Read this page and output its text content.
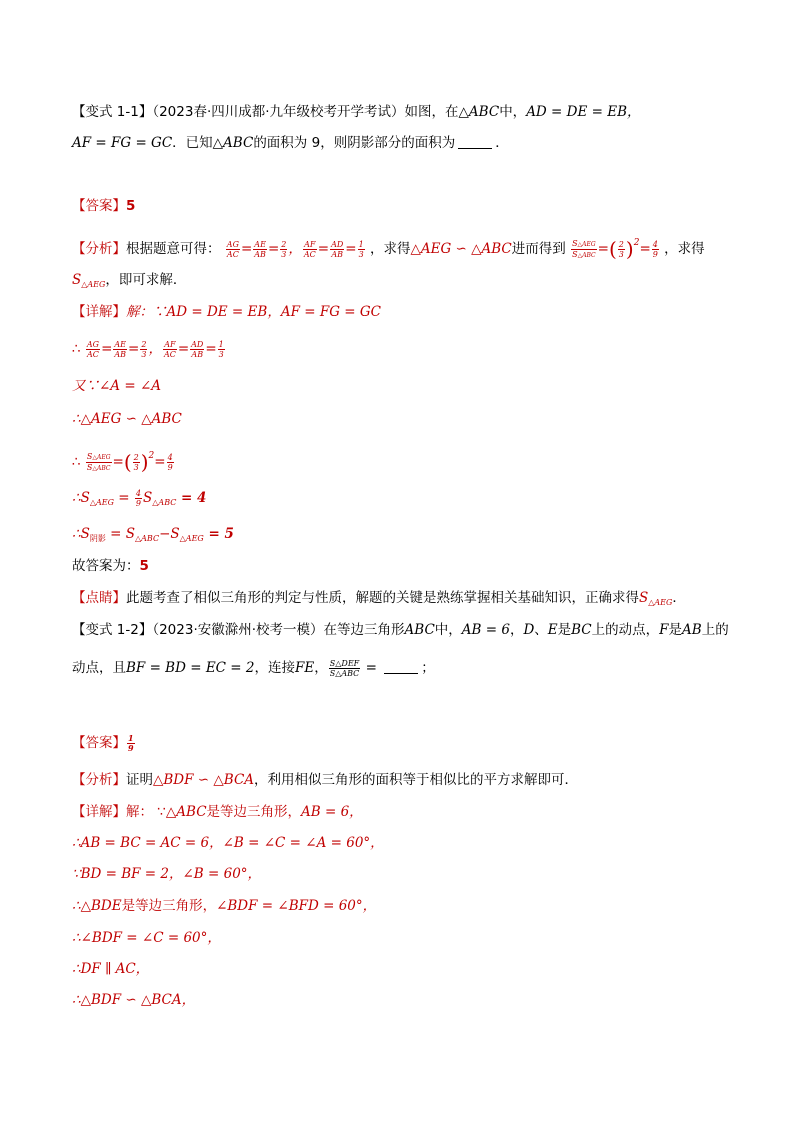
【变式 1-1】（2023春·四川成都·九年级校考开学考试）如图，在△ABC中，AD = DE = EB，
AF = FG = GC．已知△ABC的面积为 9，则阴影部分的面积为	．
【答案】5
【分析】根据题意可得： $\frac{AG}{AC} = \frac{AE}{AB} = \frac{2}{3}$ ， $\frac{AF}{AC} = \frac{AD}{AB} = \frac{1}{3}$ ，求得△AEG ∽ △ABC进而得到 $\frac{\text{S△AEG}}{\text{S△ABC}}$ =( $\frac{2}{3} )^2= \frac{4}{9}$ ，求得
$S_{\triangle AEG}$，即可求解．
【详解】解：∵AD = DE = EB，AF = FG = GC
∴ $\frac{AG}{AC} = \frac{AE}{AB} = \frac{2}{3}$ ， $\frac{AF}{AC} = \frac{AD}{AB} = \frac{1}{3}$
又∵∠A = ∠A
∴△AEG ∽ △ABC
∴ $\frac{\text{S△AEG}}{\text{S△ABC}}$ =( $\frac{2}{3} )^2= \frac{4}{9}$
$\therefore S_{\triangle AEG} = \frac{4}{9} S_{\triangle ABC} = 4$
$\therefore S_{阴影} = S_{\triangle ABC}-S_{\triangle AEG} = 5$
故答案为：5
【点睛】此题考查了相似三角形的判定与性质，解题的关键是熟练掌握相关基础知识，正确求得$S_{\triangle AEG}$．
【变式 1-2】（2023·安徽滁州·校考一模）在等边三角形ABC中，AB = 6，D、E是BC上的动点，F是AB上的
动点，且BF = BD = EC = 2，连接FE， $\frac{\text{S△DEF}}{\text{S△ABC}}$ =	；
【答案】 $\frac{1}{9}$
【分析】证明△BDF ∽ △BCA，利用相似三角形的面积等于相似比的平方求解即可．
【详解】解： ∵△ABC是等边三角形，AB = 6，
∴AB = BC = AC = 6，∠B = ∠C = ∠A = 60°，
∵BD = BF = 2，∠B = 60°，
∴△BDE是等边三角形，∠BDF = ∠BFD = 60°，
∴∠BDF = ∠C = 60°，
∴DF ∥ AC，
∴△BDF ∽ △BCA，
